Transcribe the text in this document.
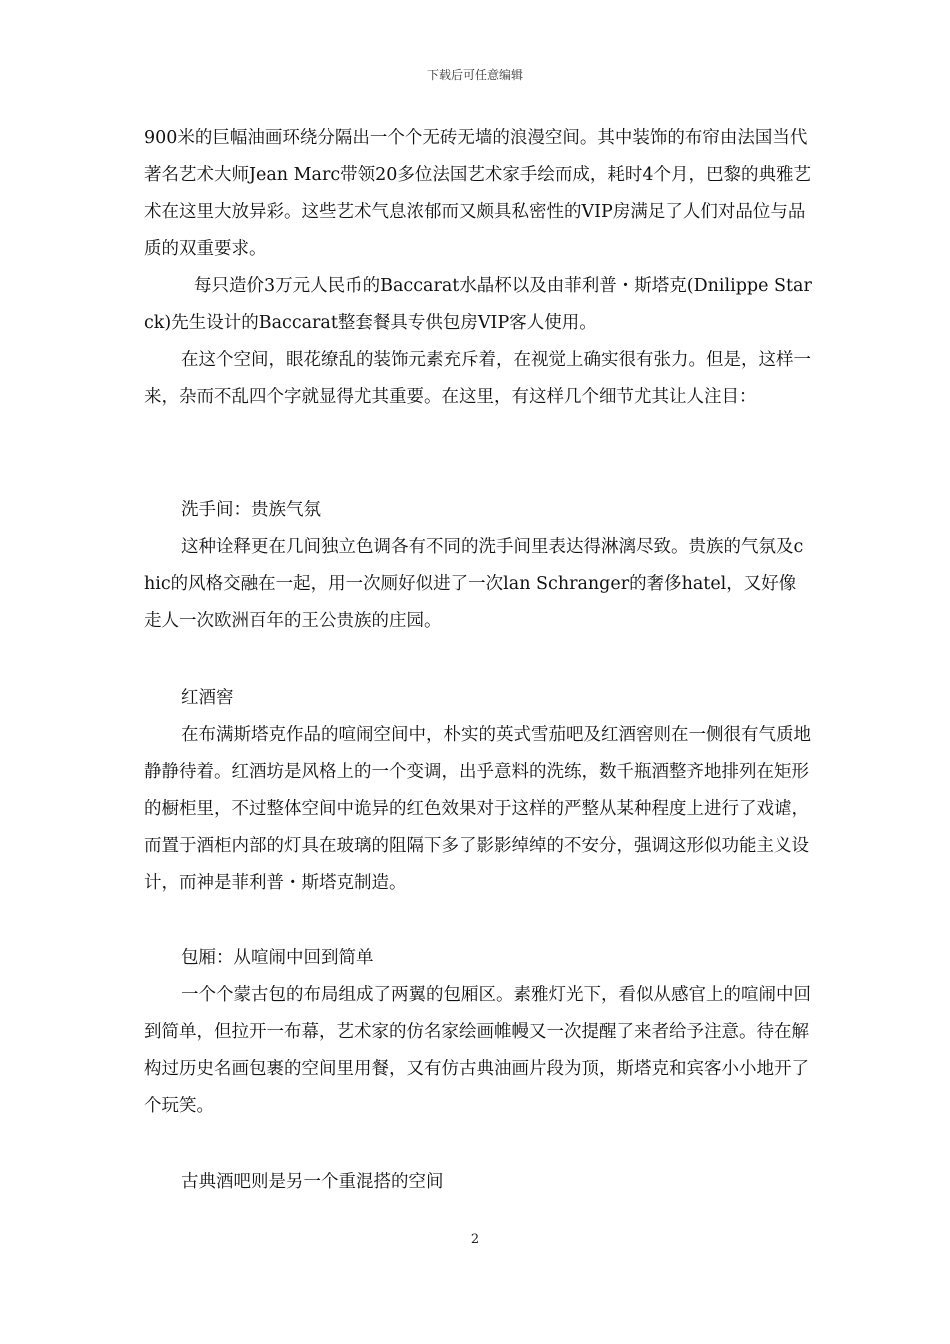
下载后可任意编辑

900米的巨幅油画环绕分隔出一个个无砖无墙的浪漫空间。其中装饰的布帘由法国当代著名艺术大师Jean Marc带领20多位法国艺术家手绘而成，耗时4个月，巴黎的典雅艺术在这里大放异彩。这些艺术气息浓郁而又颇具私密性的VIP房满足了人们对品位与品质的双重要求。

每只造价3万元人民币的Baccarat水晶杯以及由菲利普・斯塔克(Dnilippe Starck)先生设计的Baccarat整套餐具专供包房VIP客人使用。

在这个空间，眼花缭乱的装饰元素充斥着，在视觉上确实很有张力。但是，这样一来，杂而不乱四个字就显得尤其重要。在这里，有这样几个细节尤其让人注目：

洗手间：贵族气氛

这种诠释更在几间独立色调各有不同的洗手间里表达得淋漓尽致。贵族的气氛及chic的风格交融在一起，用一次厕好似进了一次lan Schranger的奢侈hatel，又好像走人一次欧洲百年的王公贵族的庄园。

红酒窖

在布满斯塔克作品的喧闹空间中，朴实的英式雪茄吧及红酒窖则在一侧很有气质地静静待着。红酒坊是风格上的一个变调，出乎意料的洗练，数千瓶酒整齐地排列在矩形的橱柜里，不过整体空间中诡异的红色效果对于这样的严整从某种程度上进行了戏谑，而置于酒柜内部的灯具在玻璃的阻隔下多了影影绰绰的不安分，强调这形似功能主义设计，而神是菲利普・斯塔克制造。

包厢：从喧闹中回到简单

一个个蒙古包的布局组成了两翼的包厢区。素雅灯光下，看似从感官上的喧闹中回到简单，但拉开一布幕，艺术家的仿名家绘画帷幔又一次提醒了来者给予注意。待在解构过历史名画包裹的空间里用餐，又有仿古典油画片段为顶，斯塔克和宾客小小地开了个玩笑。

古典酒吧则是另一个重混搭的空间

2
